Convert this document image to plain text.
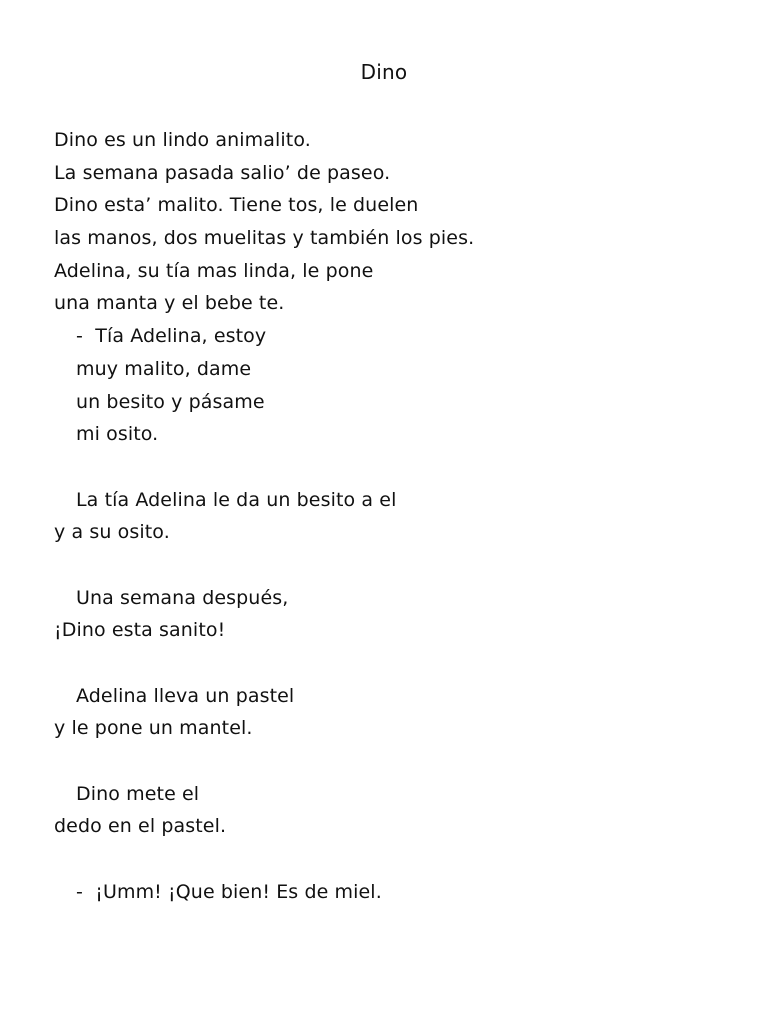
Dino
Dino es un lindo animalito.
La semana pasada salio’ de paseo.
Dino esta’ malito. Tiene tos, le duelen
las manos, dos muelitas y también los pies.
Adelina, su tía mas linda, le pone
una manta y el bebe te.
-  Tía Adelina, estoy
muy malito, dame
un besito y pásame
mi osito.
La tía Adelina le da un besito a el
y a su osito.
Una semana después,
¡Dino esta sanito!
Adelina lleva un pastel
y le pone un mantel.
Dino mete el
dedo en el pastel.
-  ¡Umm! ¡Que bien! Es de miel.
